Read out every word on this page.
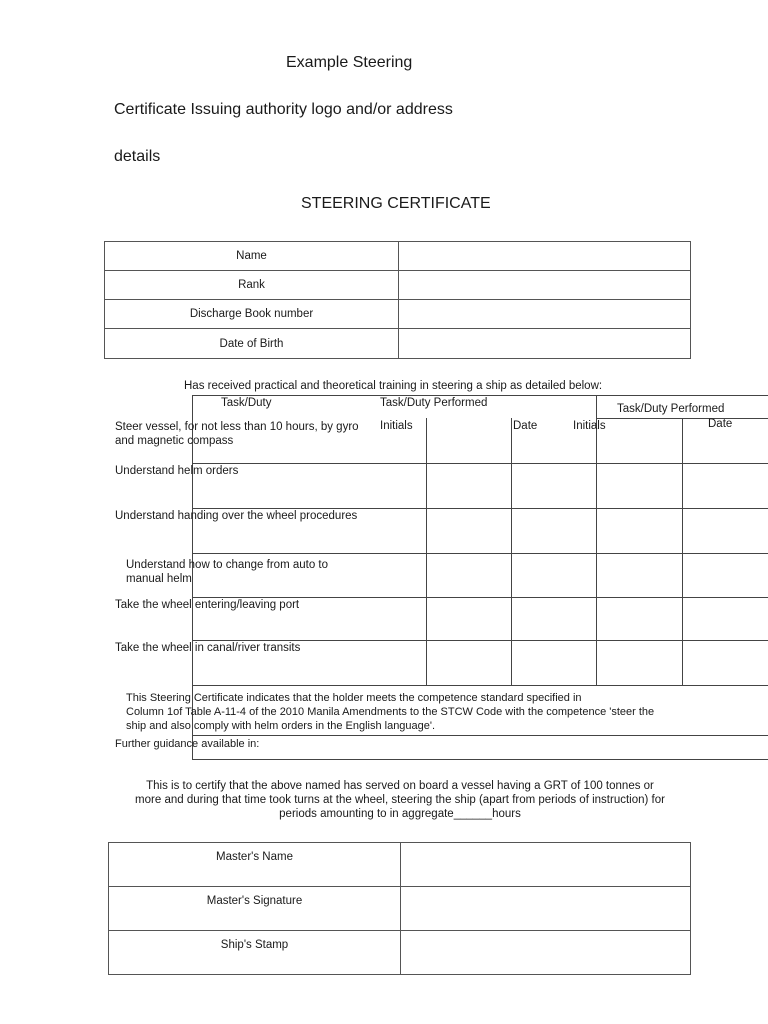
Example Steering
Certificate Issuing authority logo and/or address
details
STEERING CERTIFICATE
Name	
Rank	
Discharge Book number	
Date of Birth	
Has received practical and theoretical training in steering a ship as detailed below:
Task/Duty	Task/Duty Performed	Task/Duty Performed
Initials	Date	Initials	Date
Steer vessel, for not less than 10 hours, by gyro
and magnetic compass
Understand helm orders
Understand handing over the wheel procedures
Understand how to change from auto to
manual helm
Take the wheel entering/leaving port
Take the wheel in canal/river transits
This Steering Certificate indicates that the holder meets the competence standard specified in
Column 1of Table A-11-4 of the 2010 Manila Amendments to the STCW Code with the competence 'steer the
ship and also comply with helm orders in the English language'.
Further guidance available in:
This is to certify that the above named has served on board a vessel having a GRT of 100 tonnes or
more and during that time took turns at the wheel, steering the ship (apart from periods of instruction) for
periods amounting to in aggregate______hours
Master's Name	
Master's Signature	
Ship's Stamp	
